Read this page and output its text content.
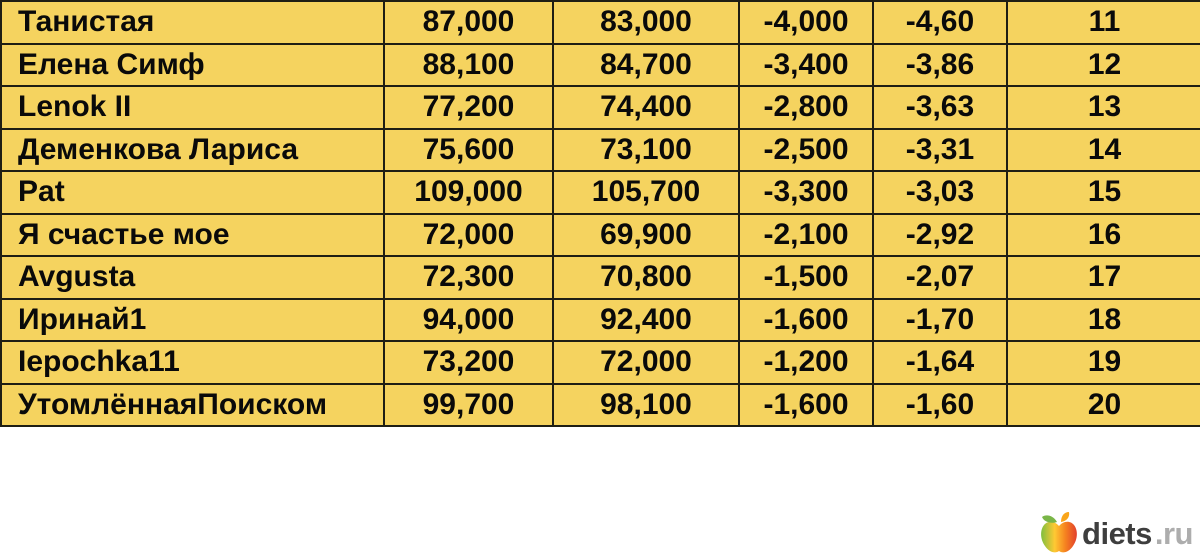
Танистая	87,000	83,000	-4,000	-4,60	11
Елена Симф	88,100	84,700	-3,400	-3,86	12
Lenok II	77,200	74,400	-2,800	-3,63	13
Деменкова Лариса	75,600	73,100	-2,500	-3,31	14
Pat	109,000	105,700	-3,300	-3,03	15
Я счастье мое	72,000	69,900	-2,100	-2,92	16
Avgusta	72,300	70,800	-1,500	-2,07	17
Иринай1	94,000	92,400	-1,600	-1,70	18
Iepochka11	73,200	72,000	-1,200	-1,64	19
УтомлённаяПоиском	99,700	98,100	-1,600	-1,60	20
diets .ru
